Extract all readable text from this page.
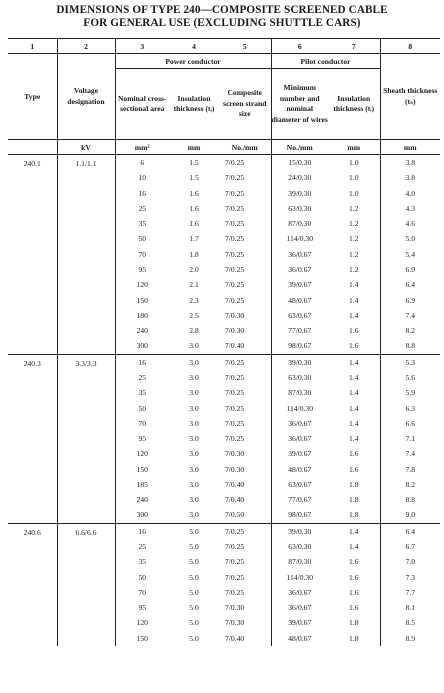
DIMENSIONS OF TYPE 240—COMPOSITE SCREENED CABLE
FOR GENERAL USE (EXCLUDING SHUTTLE CARS)
1	2	3	4	5	6	7	8
Type	Voltage designation	Power conductor			Pilot conductor		Sheath thickness (tₛ)
		Nominal cross-sectional area	Insulation thickness (tᵢ)	Composite screen strand size	Minimum number and nominal diameter of wires	Insulation thickness (tᵢ)	
	kV	mm²	mm	No./mm	No./mm	mm	mm
240.1	1.1/1.1	6	1.5	7/0.25	15/0.30	1.0	3.8
		10	1.5	7/0.25	24/0.30	1.0	3.8
		16	1.6	7/0.25	39/0.30	1.0	4.0
		25	1.6	7/0.25	63/0.30	1.2	4.3
		35	1.6	7/0.25	87/0.30	1.2	4.6
		50	1.7	7/0.25	114/0.30	1.2	5.0
		70	1.8	7/0.25	36/0.67	1.2	5.4
		95	2.0	7/0.25	36/0.67	1.2	6.0
		120	2.1	7/0.25	39/0.67	1.4	6.4
		150	2.3	7/0.25	48/0.67	1.4	6.9
		180	2.5	7/0.30	63/0.67	1.4	7.4
		240	2.8	7/0.30	77/0.67	1.6	8.2
		300	3.0	7/0.40	98/0.67	1.6	8.8
240.3	3.3/3.3	16	3.0	7/0.25	39/0.30	1.4	5.3
		25	3.0	7/0.25	63/0.30	1.4	5.6
		35	3.0	7/0.25	87/0.30	1.4	5.9
		50	3.0	7/0.25	114/0.30	1.4	6.3
		70	3.0	7/0.25	36/0.67	1.4	6.6
		95	3.0	7/0.25	36/0.67	1.4	7.1
		120	3.0	7/0.30	39/0.67	1.6	7.4
		150	3.0	7/0.30	48/0.67	1.6	7.8
		185	3.0	7/0.40	63/0.67	1.8	8.2
		240	3.0	7/0.40	77/0.67	1.8	8.8
		300	3.0	7/0.50	98/0.67	1.8	9.0
240.6	6.6/6.6	16	5.0	7/0.25	39/0.30	1.4	6.4
		25	5.0	7/0.25	63/0.30	1.4	6.7
		35	5.0	7/0.25	87/0.30	1.6	7.0
		50	5.0	7/0.25	114/0.30	1.6	7.3
		70	5.0	7/0.25	36/0.67	1.6	7.7
		95	5.0	7/0.30	36/0.67	1.6	8.1
		120	5.0	7/0.30	39/0.67	1.8	8.5
		150	5.0	7/0.40	48/0.67	1.8	8.9
